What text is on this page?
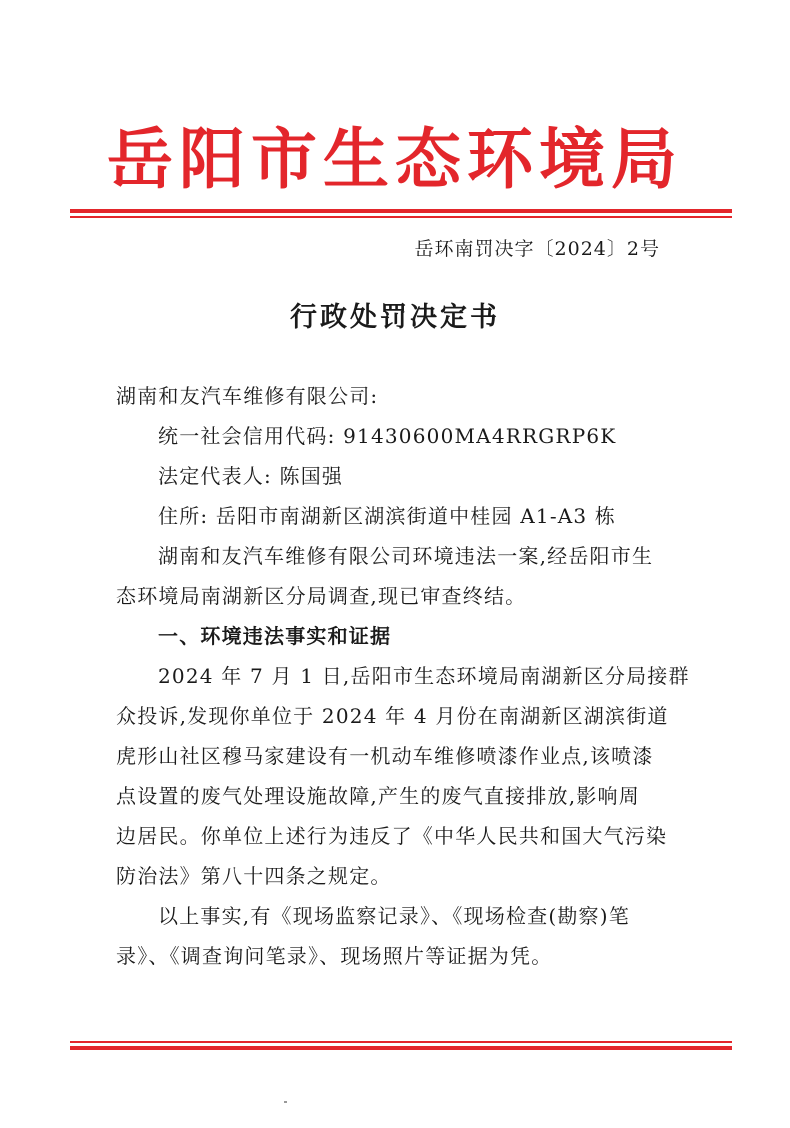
岳阳市生态环境局
岳环南罚决字〔2024〕2号
行政处罚决定书
湖南和友汽车维修有限公司:
统一社会信用代码: 91430600MA4RRGRP6K
法定代表人: 陈国强
住所: 岳阳市南湖新区湖滨街道中桂园 A1-A3 栋
湖南和友汽车维修有限公司环境违法一案,经岳阳市生
态环境局南湖新区分局调查,现已审查终结。
一、环境违法事实和证据
2024 年 7 月 1 日,岳阳市生态环境局南湖新区分局接群
众投诉,发现你单位于 2024 年 4 月份在南湖新区湖滨街道
虎形山社区穆马家建设有一机动车维修喷漆作业点,该喷漆
点设置的废气处理设施故障,产生的废气直接排放,影响周
边居民。你单位上述行为违反了《中华人民共和国大气污染
防治法》第八十四条之规定。
以上事实,有《现场监察记录》、《现场检查(勘察)笔
录》、《调查询问笔录》、现场照片等证据为凭。
